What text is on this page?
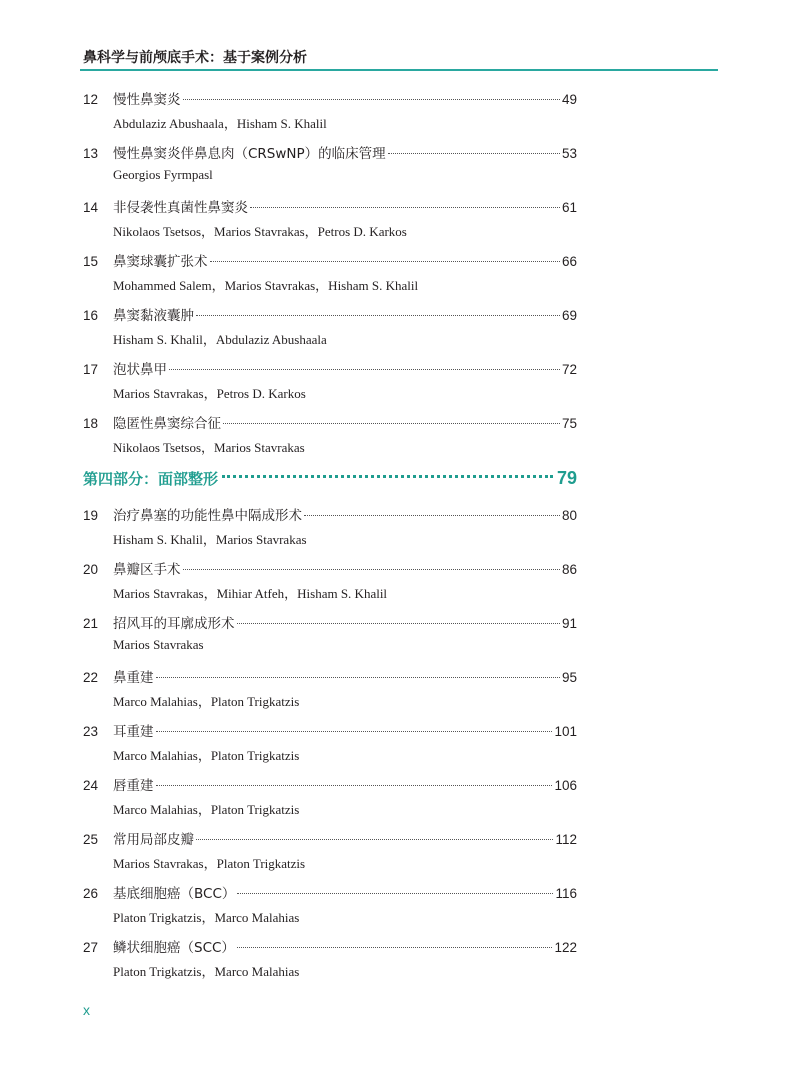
鼻科学与前颅底手术：基于案例分析
12	慢性鼻窦炎	49
Abdulaziz Abushaala，Hisham S. Khalil
13	慢性鼻窦炎伴鼻息肉（CRSwNP）的临床管理	53
Georgios Fyrmpasl
14	非侵袭性真菌性鼻窦炎	61
Nikolaos Tsetsos，Marios Stavrakas，Petros D. Karkos
15	鼻窦球囊扩张术	66
Mohammed Salem，Marios Stavrakas，Hisham S. Khalil
16	鼻窦黏液囊肿	69
Hisham S. Khalil，Abdulaziz Abushaala
17	泡状鼻甲	72
Marios Stavrakas，Petros D. Karkos
18	隐匿性鼻窦综合征	75
Nikolaos Tsetsos，Marios Stavrakas
第四部分：面部整形	79
19	治疗鼻塞的功能性鼻中隔成形术	80
Hisham S. Khalil，Marios Stavrakas
20	鼻瓣区手术	86
Marios Stavrakas，Mihiar Atfeh，Hisham S. Khalil
21	招风耳的耳廓成形术	91
Marios Stavrakas
22	鼻重建	95
Marco Malahias，Platon Trigkatzis
23	耳重建	101
Marco Malahias，Platon Trigkatzis
24	唇重建	106
Marco Malahias，Platon Trigkatzis
25	常用局部皮瓣	112
Marios Stavrakas，Platon Trigkatzis
26	基底细胞癌（BCC）	116
Platon Trigkatzis，Marco Malahias
27	鳞状细胞癌（SCC）	122
Platon Trigkatzis，Marco Malahias
x
